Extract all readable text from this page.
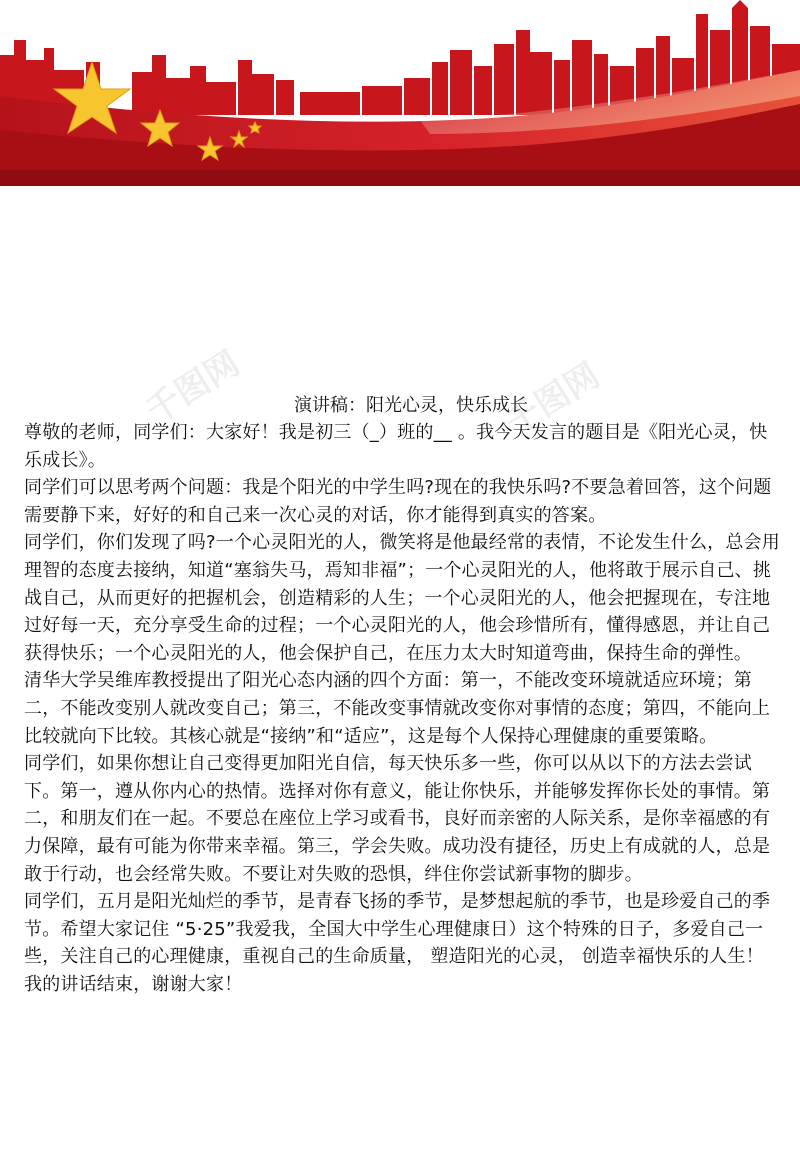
千图网	千图网
演讲稿：阳光心灵，快乐成长

尊敬的老师，同学们：大家好！我是初三（_）班的__ 。我今天发言的题目是《阳光心灵，快乐成长》。

同学们可以思考两个问题：我是个阳光的中学生吗?现在的我快乐吗?不要急着回答，这个问题需要静下来，好好的和自己来一次心灵的对话，你才能得到真实的答案。

同学们，你们发现了吗?一个心灵阳光的人，微笑将是他最经常的表情，不论发生什么，总会用理智的态度去接纳，知道“塞翁失马，焉知非福”；一个心灵阳光的人，他将敢于展示自己、挑战自己，从而更好的把握机会，创造精彩的人生；一个心灵阳光的人，他会把握现在，专注地过好每一天，充分享受生命的过程；一个心灵阳光的人，他会珍惜所有，懂得感恩，并让自己获得快乐；一个心灵阳光的人，他会保护自己，在压力太大时知道弯曲，保持生命的弹性。

清华大学吴维库教授提出了阳光心态内涵的四个方面：第一，不能改变环境就适应环境；第二，不能改变别人就改变自己；第三，不能改变事情就改变你对事情的态度；第四，不能向上比较就向下比较。其核心就是“接纳”和“适应”，这是每个人保持心理健康的重要策略。

同学们，如果你想让自己变得更加阳光自信，每天快乐多一些，你可以从以下的方法去尝试下。第一，遵从你内心的热情。选择对你有意义，能让你快乐，并能够发挥你长处的事情。第二，和朋友们在一起。不要总在座位上学习或看书，良好而亲密的人际关系，是你幸福感的有力保障，最有可能为你带来幸福。第三，学会失败。成功没有捷径，历史上有成就的人，总是敢于行动，也会经常失败。不要让对失败的恐惧，绊住你尝试新事物的脚步。

同学们，五月是阳光灿烂的季节，是青春飞扬的季节，是梦想起航的季节，也是珍爱自己的季节。希望大家记住 “5·25”我爱我，全国大中学生心理健康日）这个特殊的日子，多爱自己一些，关注自己的心理健康，重视自己的生命质量， 塑造阳光的心灵， 创造幸福快乐的人生！

我的讲话结束，谢谢大家！
